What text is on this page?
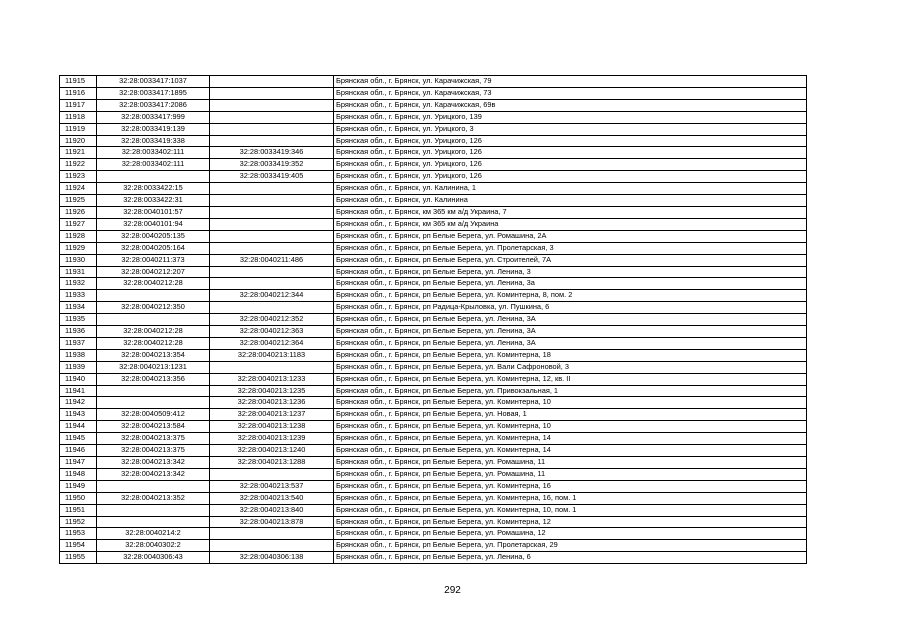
11915	32:28:0033417:1037		Брянская обл., г. Брянск, ул. Карачижская, 79
11916	32:28:0033417:1895		Брянская обл., г. Брянск, ул. Карачижская, 73
11917	32:28:0033417:2086		Брянская обл., г. Брянск, ул. Карачижская, 69в
11918	32:28:0033417:999		Брянская обл., г. Брянск, ул. Урицкого, 139
11919	32:28:0033419:139		Брянская обл., г. Брянск, ул. Урицкого, 3
11920	32:28:0033419:338		Брянская обл., г. Брянск, ул. Урицкого, 126
11921	32:28:0033402:111	32:28:0033419:346	Брянская обл., г. Брянск, ул. Урицкого, 126
11922	32:28:0033402:111	32:28:0033419:352	Брянская обл., г. Брянск, ул. Урицкого, 126
11923		32:28:0033419:405	Брянская обл., г. Брянск, ул. Урицкого, 126
11924	32:28:0033422:15		Брянская обл., г. Брянск, ул. Калинина, 1
11925	32:28:0033422:31		Брянская обл., г. Брянск, ул. Калинина
11926	32:28:0040101:57		Брянская обл., г. Брянск, км 365 км а/д Украина, 7
11927	32:28:0040101:94		Брянская обл., г. Брянск, км 365 км а/д Украина
11928	32:28:0040205:135		Брянская обл., г. Брянск, рп Белые Берега, ул. Ромашина, 2А
11929	32:28:0040205:164		Брянская обл., г. Брянск, рп Белые Берега, ул. Пролетарская, 3
11930	32:28:0040211:373	32:28:0040211:486	Брянская обл., г. Брянск, рп Белые Берега, ул. Строителей, 7А
11931	32:28:0040212:207		Брянская обл., г. Брянск, рп Белые Берега, ул. Ленина, 3
11932	32:28:0040212:28		Брянская обл., г. Брянск, рп Белые Берега, ул. Ленина, 3а
11933		32:28:0040212:344	Брянская обл., г. Брянск, рп Белые Берега, ул. Коминтерна, 8, пом. 2
11934	32:28:0040212:350		Брянская обл., г. Брянск, рп Радица-Крыловка, ул. Пушкина, 6
11935		32:28:0040212:352	Брянская обл., г. Брянск, рп Белые Берега, ул. Ленина, 3А
11936	32:28:0040212:28	32:28:0040212:363	Брянская обл., г. Брянск, рп Белые Берега, ул. Ленина, 3А
11937	32:28:0040212:28	32:28:0040212:364	Брянская обл., г. Брянск, рп Белые Берега, ул. Ленина, 3А
11938	32:28:0040213:354	32:28:0040213:1183	Брянская обл., г. Брянск, рп Белые Берега, ул. Коминтерна, 18
11939	32:28:0040213:1231		Брянская обл., г. Брянск, рп Белые Берега, ул. Вали Сафроновой, 3
11940	32:28:0040213:356	32:28:0040213:1233	Брянская обл., г. Брянск, рп Белые Берега, ул. Коминтерна, 12, кв. II
11941		32:28:0040213:1235	Брянская обл., г. Брянск, рп Белые Берега, ул. Привокзальная, 1
11942		32:28:0040213:1236	Брянская обл., г. Брянск, рп Белые Берега, ул. Коминтерна, 10
11943	32:28:0040509:412	32:28:0040213:1237	Брянская обл., г. Брянск, рп Белые Берега, ул. Новая, 1
11944	32:28:0040213:584	32:28:0040213:1238	Брянская обл., г. Брянск, рп Белые Берега, ул. Коминтерна, 10
11945	32:28:0040213:375	32:28:0040213:1239	Брянская обл., г. Брянск, рп Белые Берега, ул. Коминтерна, 14
11946	32:28:0040213:375	32:28:0040213:1240	Брянская обл., г. Брянск, рп Белые Берега, ул. Коминтерна, 14
11947	32:28:0040213:342	32:28:0040213:1288	Брянская обл., г. Брянск, рп Белые Берега, ул. Ромашина, 11
11948	32:28:0040213:342		Брянская обл., г. Брянск, рп Белые Берега, ул. Ромашина, 11
11949		32:28:0040213:537	Брянская обл., г. Брянск, рп Белые Берега, ул. Коминтерна, 16
11950	32:28:0040213:352	32:28:0040213:540	Брянская обл., г. Брянск, рп Белые Берега, ул. Коминтерна, 16, пом. 1
11951		32:28:0040213:840	Брянская обл., г. Брянск, рп Белые Берега, ул. Коминтерна, 10, пом. 1
11952		32:28:0040213:878	Брянская обл., г. Брянск, рп Белые Берега, ул. Коминтерна, 12
11953	32:28:0040214:2		Брянская обл., г. Брянск, рп Белые Берега, ул. Ромашина, 12
11954	32:28:0040302:2		Брянская обл., г. Брянск, рп Белые Берега, ул. Пролетарская, 29
11955	32:28:0040306:43	32:28:0040306:138	Брянская обл., г. Брянск, рп Белые Берега, ул. Ленина, 6
292
